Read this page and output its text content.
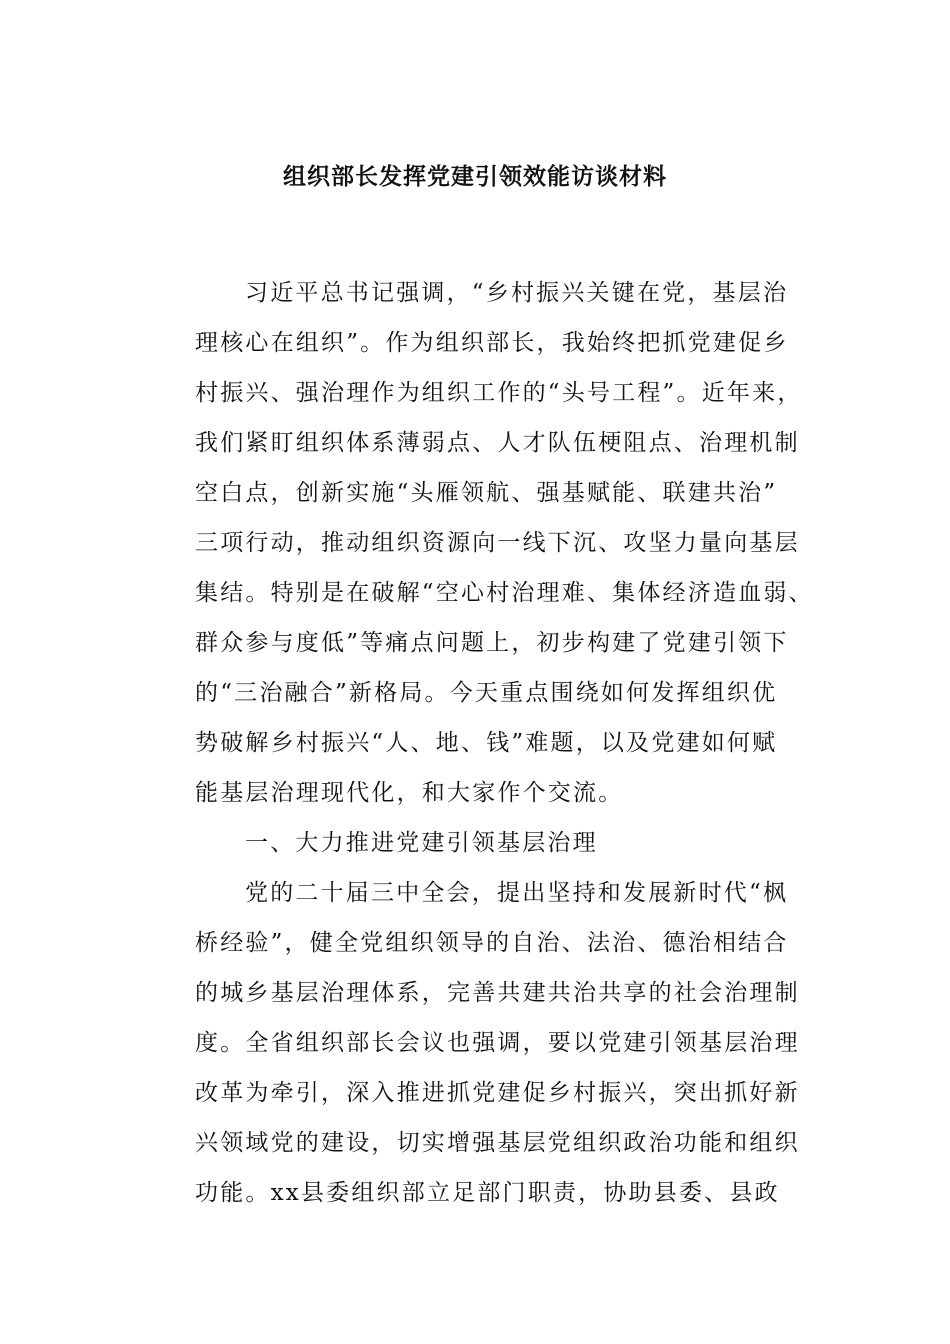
组织部长发挥党建引领效能访谈材料
习近平总书记强调，“乡村振兴关键在党，基层治
理核心在组织”。作为组织部长，我始终把抓党建促乡
村振兴、强治理作为组织工作的“头号工程”。近年来，
我们紧盯组织体系薄弱点、人才队伍梗阻点、治理机制
空白点，创新实施“头雁领航、强基赋能、联建共治”
三项行动，推动组织资源向一线下沉、攻坚力量向基层
集结。特别是在破解“空心村治理难、集体经济造血弱、
群众参与度低”等痛点问题上，初步构建了党建引领下
的“三治融合”新格局。今天重点围绕如何发挥组织优
势破解乡村振兴“人、地、钱”难题，以及党建如何赋
能基层治理现代化，和大家作个交流。
一、大力推进党建引领基层治理
党的二十届三中全会，提出坚持和发展新时代“枫
桥经验”，健全党组织领导的自治、法治、德治相结合
的城乡基层治理体系，完善共建共治共享的社会治理制
度。全省组织部长会议也强调，要以党建引领基层治理
改革为牵引，深入推进抓党建促乡村振兴，突出抓好新
兴领域党的建设，切实增强基层党组织政治功能和组织
功能。xx县委组织部立足部门职责，协助县委、县政
